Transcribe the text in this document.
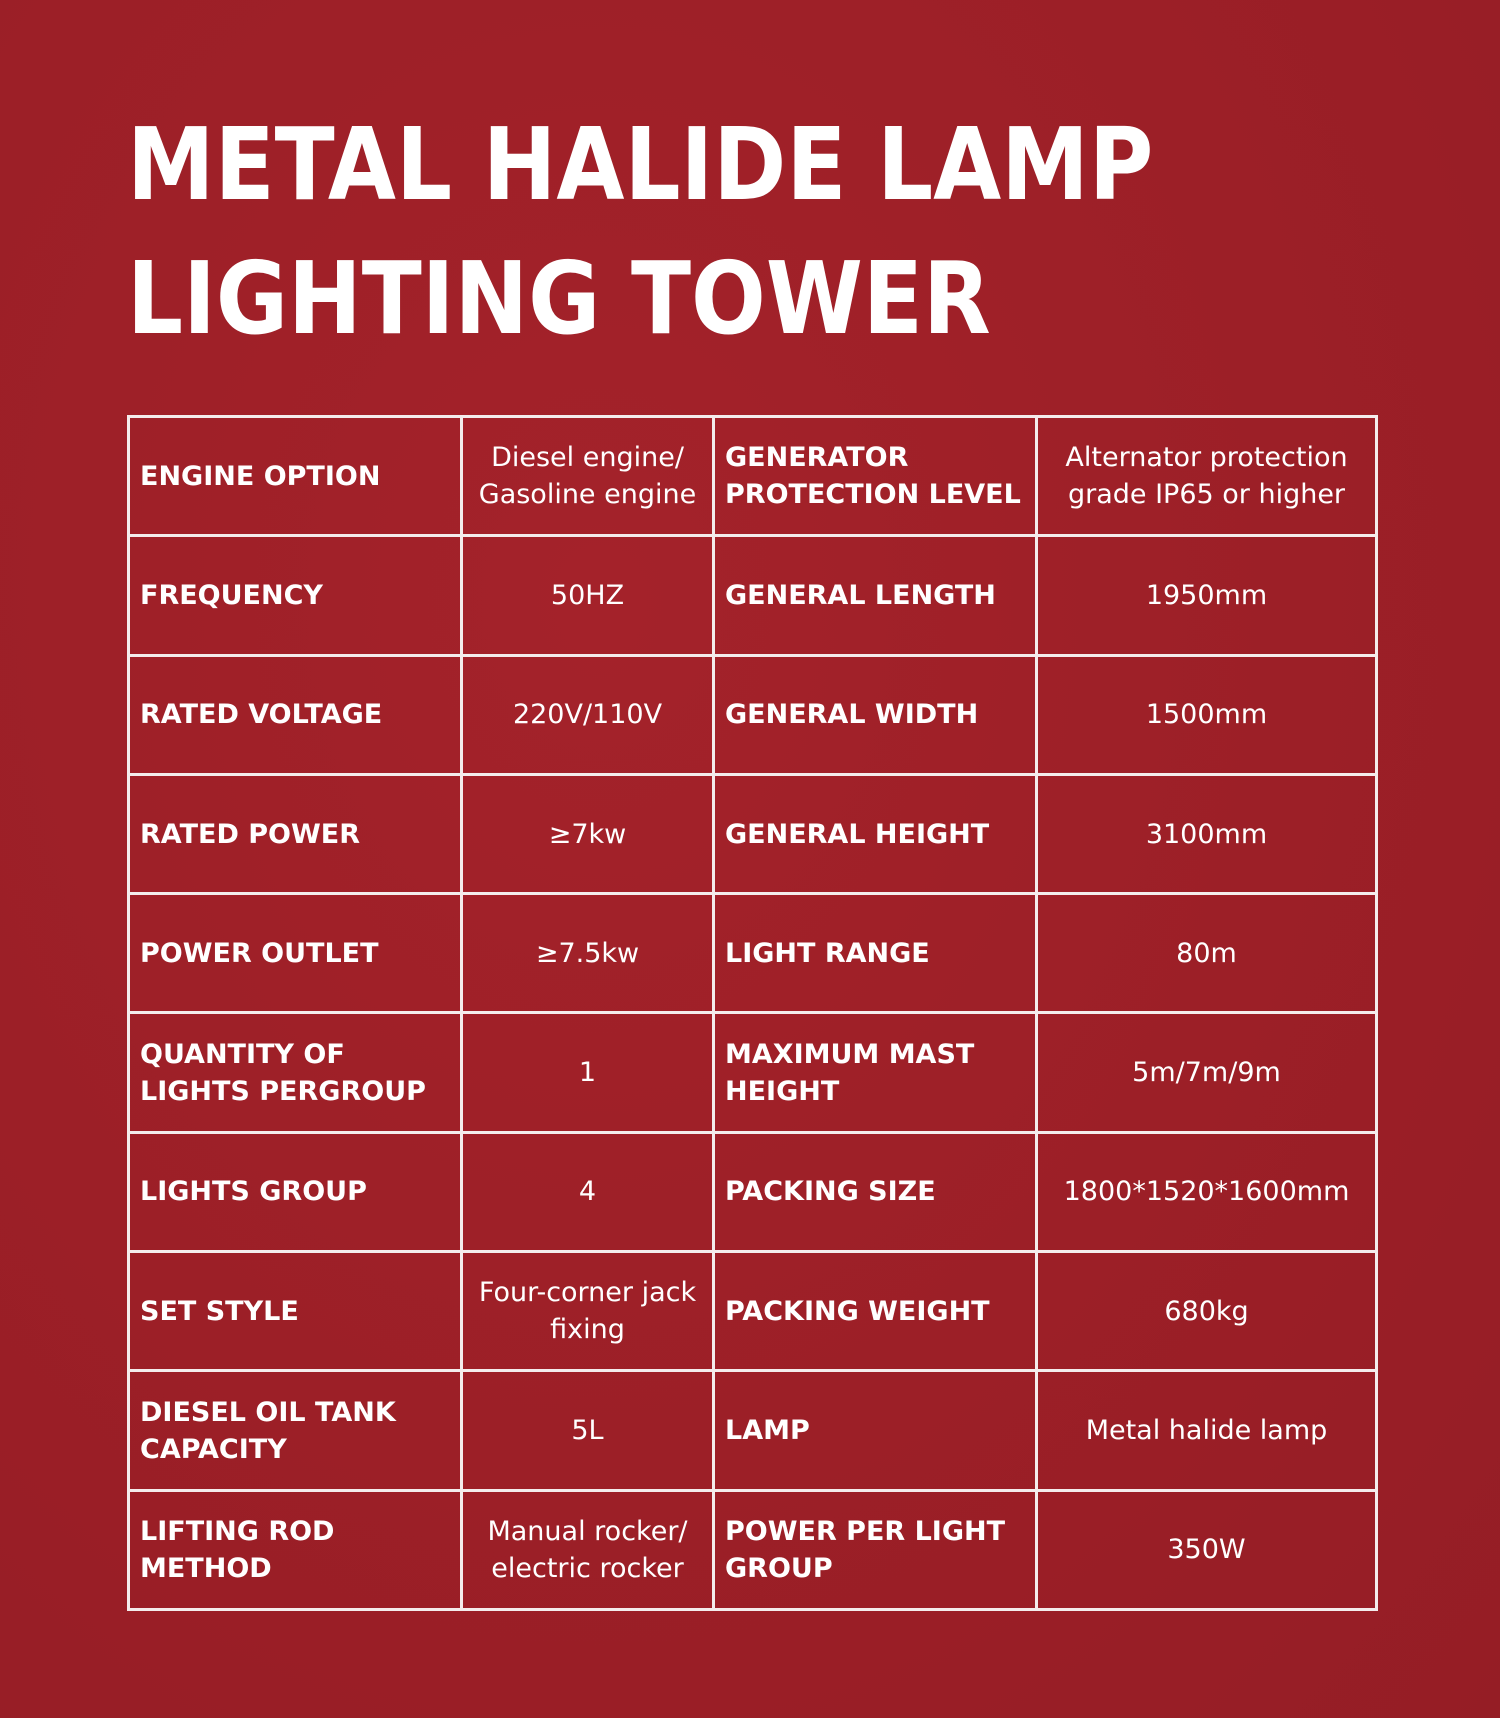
METAL HALIDE LAMP
LIGHTING TOWER
ENGINE OPTION	Diesel engine/ Gasoline engine	GENERATOR PROTECTION LEVEL	Alternator protection grade IP65 or higher
FREQUENCY	50HZ	GENERAL LENGTH	1950mm
RATED VOLTAGE	220V/110V	GENERAL WIDTH	1500mm
RATED POWER	≥7kw	GENERAL HEIGHT	3100mm
POWER OUTLET	≥7.5kw	LIGHT RANGE	80m
QUANTITY OF LIGHTS PERGROUP	1	MAXIMUM MAST HEIGHT	5m/7m/9m
LIGHTS GROUP	4	PACKING SIZE	1800*1520*1600mm
SET STYLE	Four-corner jack fixing	PACKING WEIGHT	680kg
DIESEL OIL TANK CAPACITY	5L	LAMP	Metal halide lamp
LIFTING ROD METHOD	Manual rocker/ electric rocker	POWER PER LIGHT GROUP	350W
